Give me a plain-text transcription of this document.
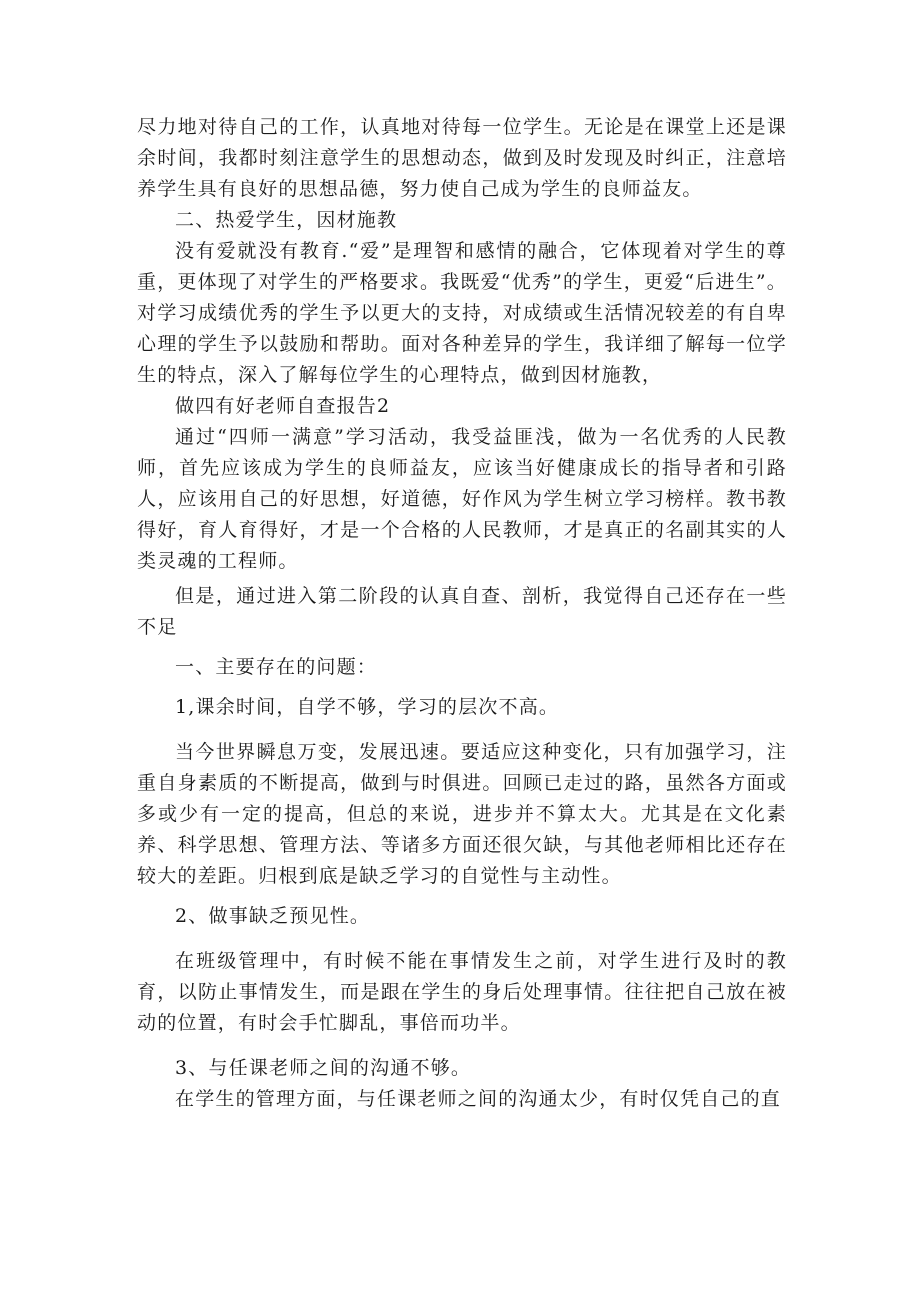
尽力地对待自己的工作，认真地对待每一位学生。无论是在课堂上还是课余时间，我都时刻注意学生的思想动态，做到及时发现及时纠正，注意培养学生具有良好的思想品德，努力使自己成为学生的良师益友。

二、热爱学生，因材施教

没有爱就没有教育.“爱”是理智和感情的融合，它体现着对学生的尊重，更体现了对学生的严格要求。我既爱“优秀”的学生，更爱“后进生”。对学习成绩优秀的学生予以更大的支持，对成绩或生活情况较差的有自卑心理的学生予以鼓励和帮助。面对各种差异的学生，我详细了解每一位学生的特点，深入了解每位学生的心理特点，做到因材施教，

做四有好老师自查报告2

通过“四师一满意”学习活动，我受益匪浅，做为一名优秀的人民教师，首先应该成为学生的良师益友，应该当好健康成长的指导者和引路人，应该用自己的好思想，好道德，好作风为学生树立学习榜样。教书教得好，育人育得好，才是一个合格的人民教师，才是真正的名副其实的人类灵魂的工程师。

但是，通过进入第二阶段的认真自查、剖析，我觉得自己还存在一些不足

一、主要存在的问题：

1,课余时间，自学不够，学习的层次不高。

当今世界瞬息万变，发展迅速。要适应这种变化，只有加强学习，注重自身素质的不断提高，做到与时俱进。回顾已走过的路，虽然各方面或多或少有一定的提高，但总的来说，进步并不算太大。尤其是在文化素养、科学思想、管理方法、等诸多方面还很欠缺，与其他老师相比还存在较大的差距。归根到底是缺乏学习的自觉性与主动性。

2、做事缺乏预见性。

在班级管理中，有时候不能在事情发生之前，对学生进行及时的教育，以防止事情发生，而是跟在学生的身后处理事情。往往把自己放在被动的位置，有时会手忙脚乱，事倍而功半。

3、与任课老师之间的沟通不够。

在学生的管理方面，与任课老师之间的沟通太少，有时仅凭自己的直
